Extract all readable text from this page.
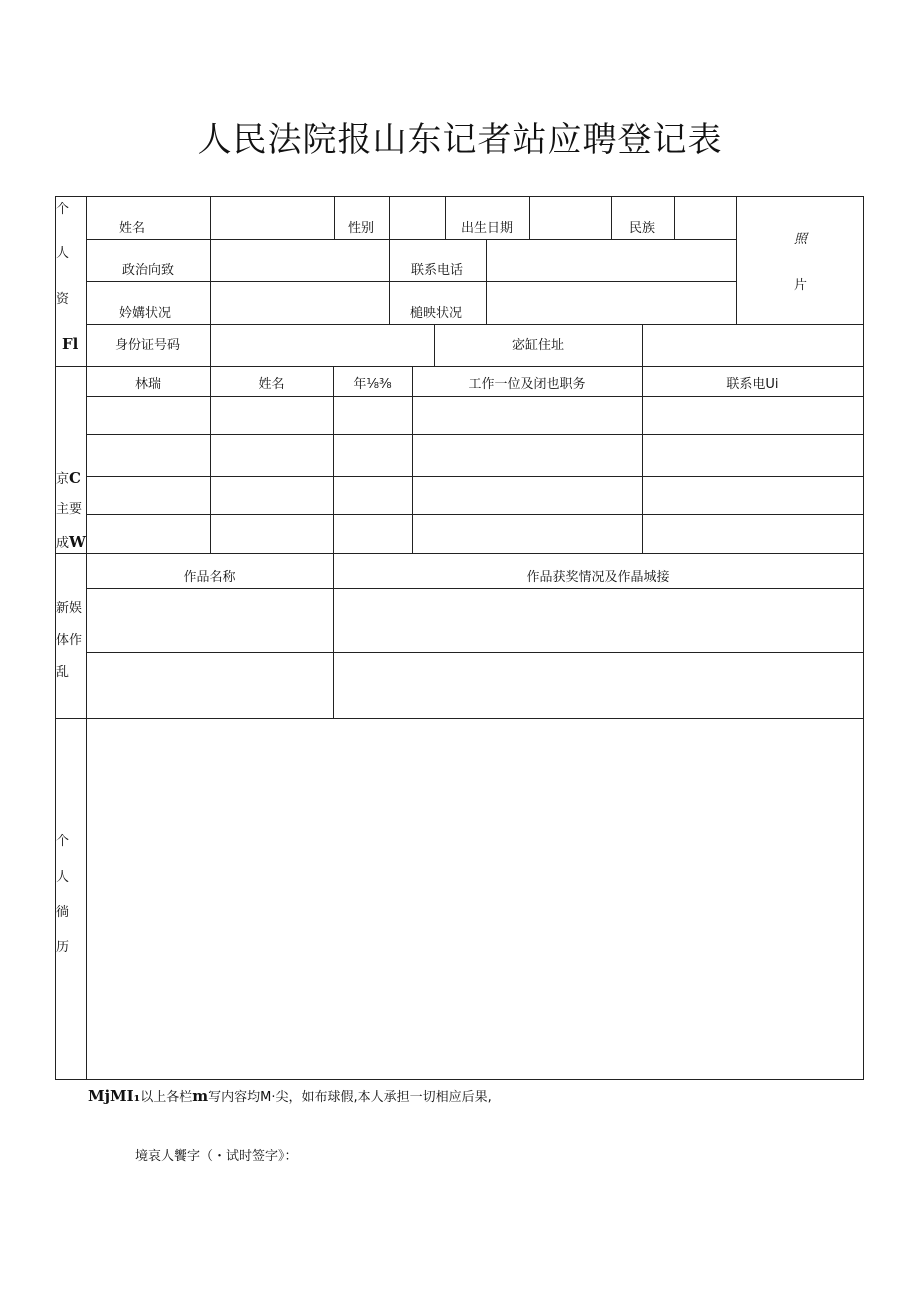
人民法院报山东记者站应聘登记表
个
人
资
Fl
姓名	性别	出生日期	民族
政治向致	联系电话
妗媾状况	槌映状况
照
片
身份证号码	宓缸住址
京C
主要
成W
林瑞	姓名	年⅛⅜	工作一位及闭也职务	联系电Ui
新娱
体作
乱
作品名称	作品获奖情况及作晶城接
个
人
徜
历
MjMI₁以上各栏m写内容均M·尖，如布球假,本人承担一切相应后果,
境哀人饗字（・试时签字》：
